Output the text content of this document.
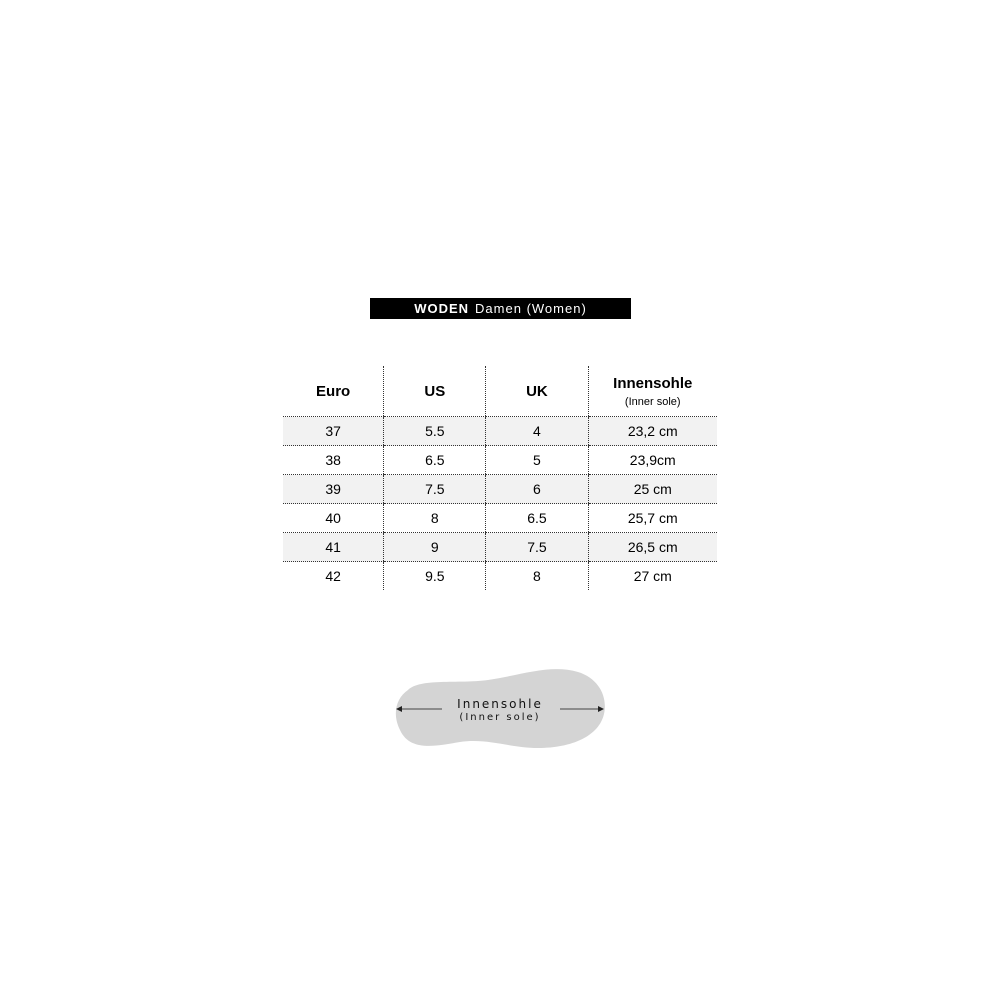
WODEN Damen (Women)
Euro	US	UK	Innensohle
(Inner sole)

37	5.5	4	23,2 cm
38	6.5	5	23,9cm
39	7.5	6	25 cm
40	8	6.5	25,7 cm
41	9	7.5	26,5 cm
42	9.5	8	27 cm
Innensohle
(Inner sole)
